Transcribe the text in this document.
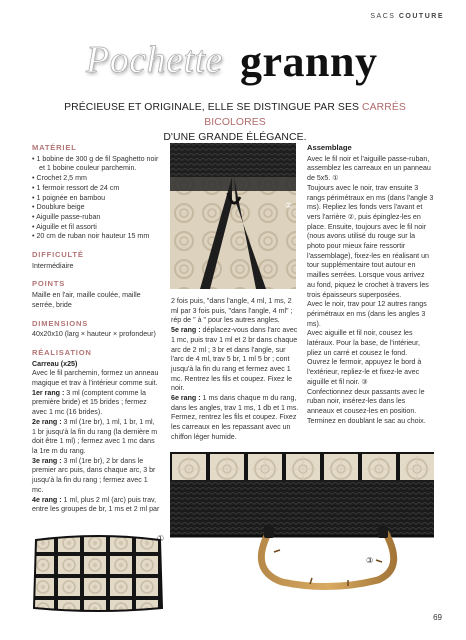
SACS COUTURE
Pochette granny
PRÉCIEUSE ET ORIGINALE, ELLE SE DISTINGUE PAR SES CARRÉS BICOLORES
D'UNE GRANDE ÉLÉGANCE.
MATÉRIEL
• 1 bobine de 300 g de fil Spaghetto noir et 1 bobine couleur parchemin.
• Crochet 2,5 mm
• 1 fermoir ressort de 24 cm
• 1 poignée en bambou
• Doublure beige
• Aiguille passe-ruban
• Aiguille et fil assorti
• 20 cm de ruban noir hauteur 15 mm
DIFFICULTÉ
Intermédiaire
POINTS
Maille en l'air, maille coulée, maille serrée, bride
DIMENSIONS
40x20x10 (larg × hauteur × profondeur)
RÉALISATION
Carreau (x25)
Avec le fil parchemin, formez un anneau magique et trav à l'intérieur comme suit.
1er rang : 3 ml (comptent comme la première bride) et 15 brides ; fermez avec 1 mc (16 brides).
2e rang : 3 ml (1re br), 1 ml, 1 br, 1 ml, 1 br jusqu'à la fin du rang (la dernière m doit être 1 ml) ; fermez avec 1 mc dans la 1re m du rang.
3e rang : 3 ml (1re br), 2 br dans le premier arc puis, dans chaque arc, 3 br jusqu'à la fin du rang ; fermez avec 1 mc.
4e rang : 1 ml, plus 2 ml (arc) puis trav, entre les groupes de br, 1 ms et 2 ml par
②
2 fois puis, "dans l'angle, 4 ml, 1 ms, 2 ml par 3 fois puis, "dans l'angle, 4 ml" ; rép de " à " pour les autres angles.
5e rang : déplacez-vous dans l'arc avec 1 mc, puis trav 1 ml et 2 br dans chaque arc de 2 ml ; 3 br et dans l'angle, sur l'arc de 4 ml, trav 5 br, 1 ml 5 br ; cont jusqu'à la fin du rang et fermez avec 1 mc. Rentrez les fils et coupez. Fixez le noir.
6e rang : 1 ms dans chaque m du rang, dans les angles, trav 1 ms, 1 db et 1 ms. Fermez, rentrez les fils et coupez. Fixez les carreaux en les repassant avec un chiffon léger humide.
Assemblage
Avec le fil noir et l'aiguille passe-ruban, assemblez les carreaux en un panneau de 5x5. ①
Toujours avec le noir, trav ensuite 3 rangs périmétraux en ms (dans l'angle 3 ms). Repliez les fonds vers l'avant et vers l'arrière ②, puis épinglez-les en place. Ensuite, toujours avec le fil noir (nous avons utilisé du rouge sur la photo pour mieux faire ressortir l'assemblage), fixez-les en réalisant un tour supplémentaire tout autour en mailles serrées. Lorsque vous arrivez au fond, piquez le crochet à travers les trois épaisseurs superposées.
Avec le noir, trav pour 12 autres rangs périmétraux en ms (dans les angles 3 ms).
Avec aiguille et fil noir, cousez les latéraux. Pour la base, de l'intérieur, pliez un carré et cousez le fond.
Ouvrez le fermoir, appuyez le bord à l'extérieur, repliez-le et fixez-le avec aiguille et fil noir. ③
Confectionnez deux passants avec le ruban noir, insérez-les dans les anneaux et cousez-les en position.
Terminez en doublant le sac au choix.
①
③
69
